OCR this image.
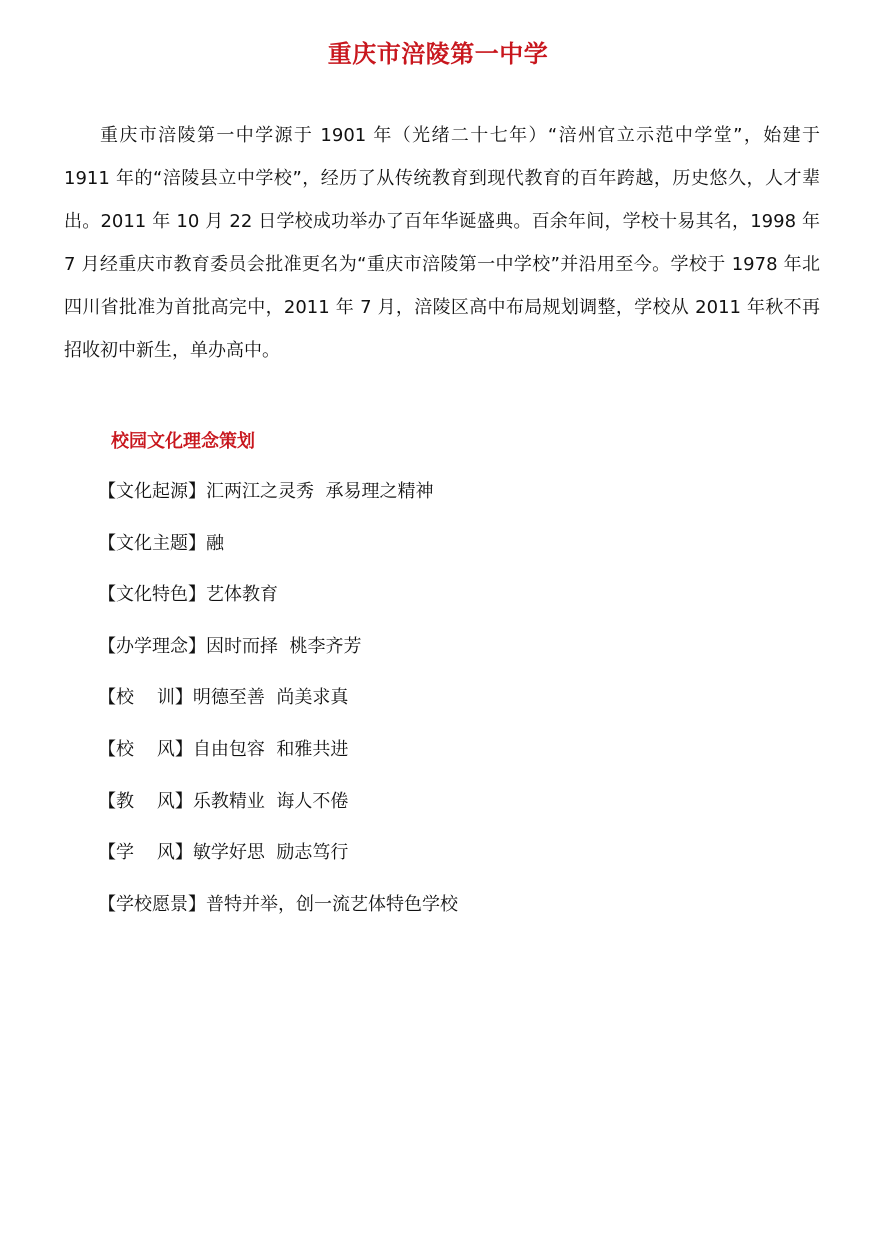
重庆市涪陵第一中学

重庆市涪陵第一中学源于 1901 年（光绪二十七年）“涪州官立示范中学堂”，始建于 1911 年的“涪陵县立中学校”，经历了从传统教育到现代教育的百年跨越，历史悠久，人才辈出。2011 年 10 月 22 日学校成功举办了百年华诞盛典。百余年间，学校十易其名，1998 年 7 月经重庆市教育委员会批准更名为“重庆市涪陵第一中学校”并沿用至今。学校于 1978 年北四川省批准为首批高完中，2011 年 7 月，涪陵区高中布局规划调整，学校从 2011 年秋不再招收初中新生，单办高中。

校园文化理念策划
【文化起源】汇两江之灵秀  承易理之精神
【文化主题】融
【文化特色】艺体教育
【办学理念】因时而择  桃李齐芳
【校    训】明德至善  尚美求真
【校    风】自由包容  和雅共进
【教    风】乐教精业  诲人不倦
【学    风】敏学好思  励志笃行
【学校愿景】普特并举，创一流艺体特色学校
